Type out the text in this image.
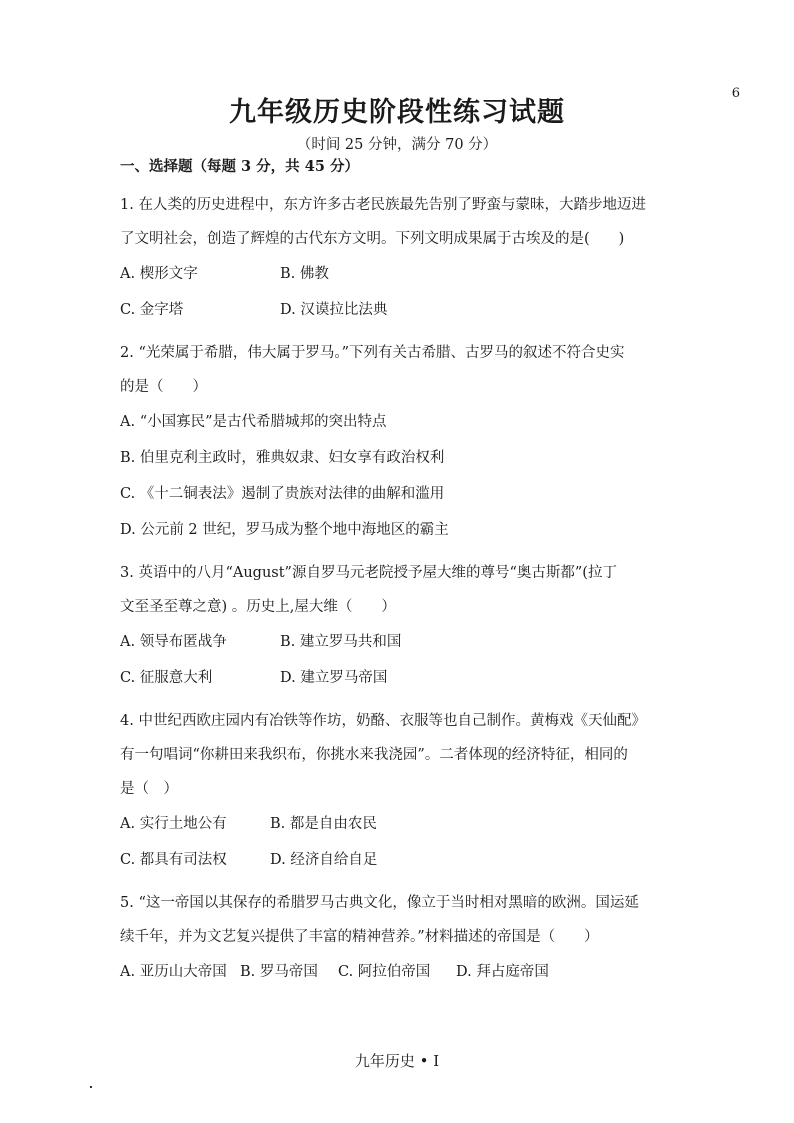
6
九年级历史阶段性练习试题
（时间 25 分钟，满分 70 分）
一、选择题（每题 3 分，共 45 分）
1. 在人类的历史进程中，东方许多古老民族最先告别了野蛮与蒙昧，大踏步地迈进
了文明社会，创造了辉煌的古代东方文明。下列文明成果属于古埃及的是(　　)
A. 楔形文字	B. 佛教
C. 金字塔	D. 汉谟拉比法典
2. “光荣属于希腊，伟大属于罗马。”下列有关古希腊、古罗马的叙述不符合史实
的是（　　）
A. “小国寡民”是古代希腊城邦的突出特点
B. 伯里克利主政时，雅典奴隶、妇女享有政治权利
C. 《十二铜表法》遏制了贵族对法律的曲解和滥用
D. 公元前 2 世纪，罗马成为整个地中海地区的霸主
3. 英语中的八月“August”源自罗马元老院授予屋大维的尊号“奥古斯都”(拉丁
文至圣至尊之意) 。历史上,屋大维（　　）
A. 领导布匿战争	B. 建立罗马共和国
C. 征服意大利	D. 建立罗马帝国
4. 中世纪西欧庄园内有冶铁等作坊，奶酪、衣服等也自己制作。黄梅戏《天仙配》
有一句唱词“你耕田来我织布，你挑水来我浇园”。二者体现的经济特征，相同的
是（　）
A. 实行土地公有	B. 都是自由农民
C. 都具有司法权	D. 经济自给自足
5. “这一帝国以其保存的希腊罗马古典文化，像立于当时相对黑暗的欧洲。国运延
续千年，并为文艺复兴提供了丰富的精神营养。”材料描述的帝国是（　　）
A. 亚历山大帝国 B. 罗马帝国	C. 阿拉伯帝国	D. 拜占庭帝国
九年历史 • I
